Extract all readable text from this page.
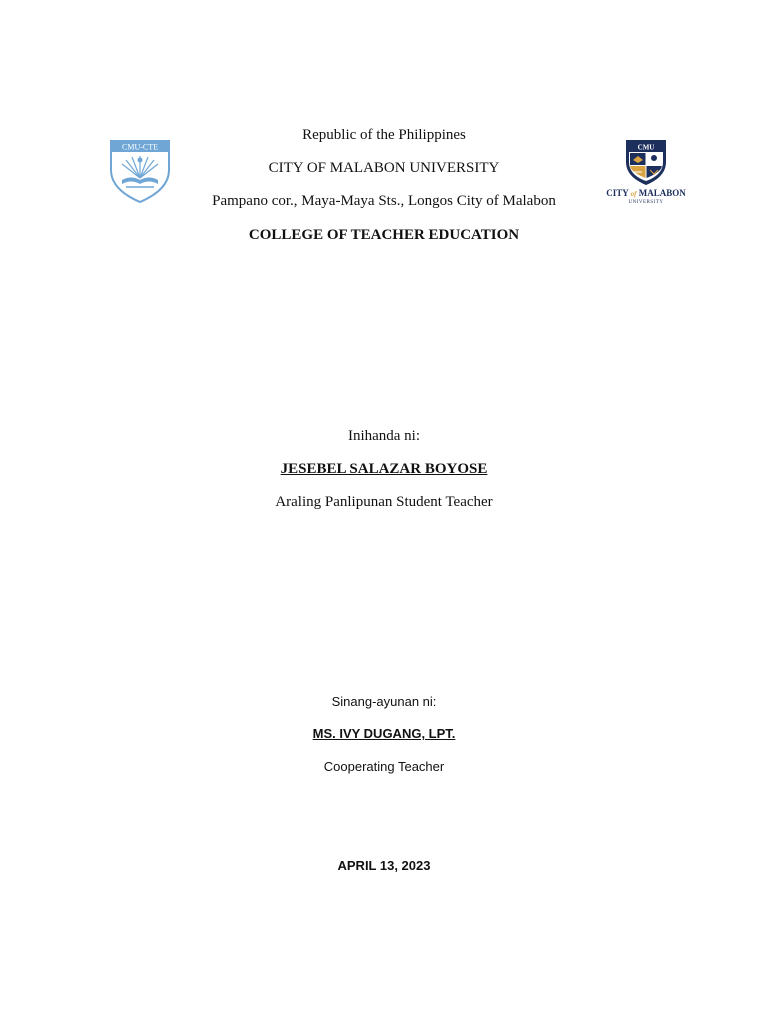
CMU-CTE	CMU
CITY of MALABON
UNIVERSITY
Republic of the Philippines
CITY OF MALABON UNIVERSITY
Pampano cor., Maya-Maya Sts., Longos City of Malabon
COLLEGE OF TEACHER EDUCATION
Inihanda ni:
JESEBEL SALAZAR BOYOSE
Araling Panlipunan Student Teacher
Sinang-ayunan ni:
MS. IVY DUGANG, LPT.
Cooperating Teacher
APRIL 13, 2023
